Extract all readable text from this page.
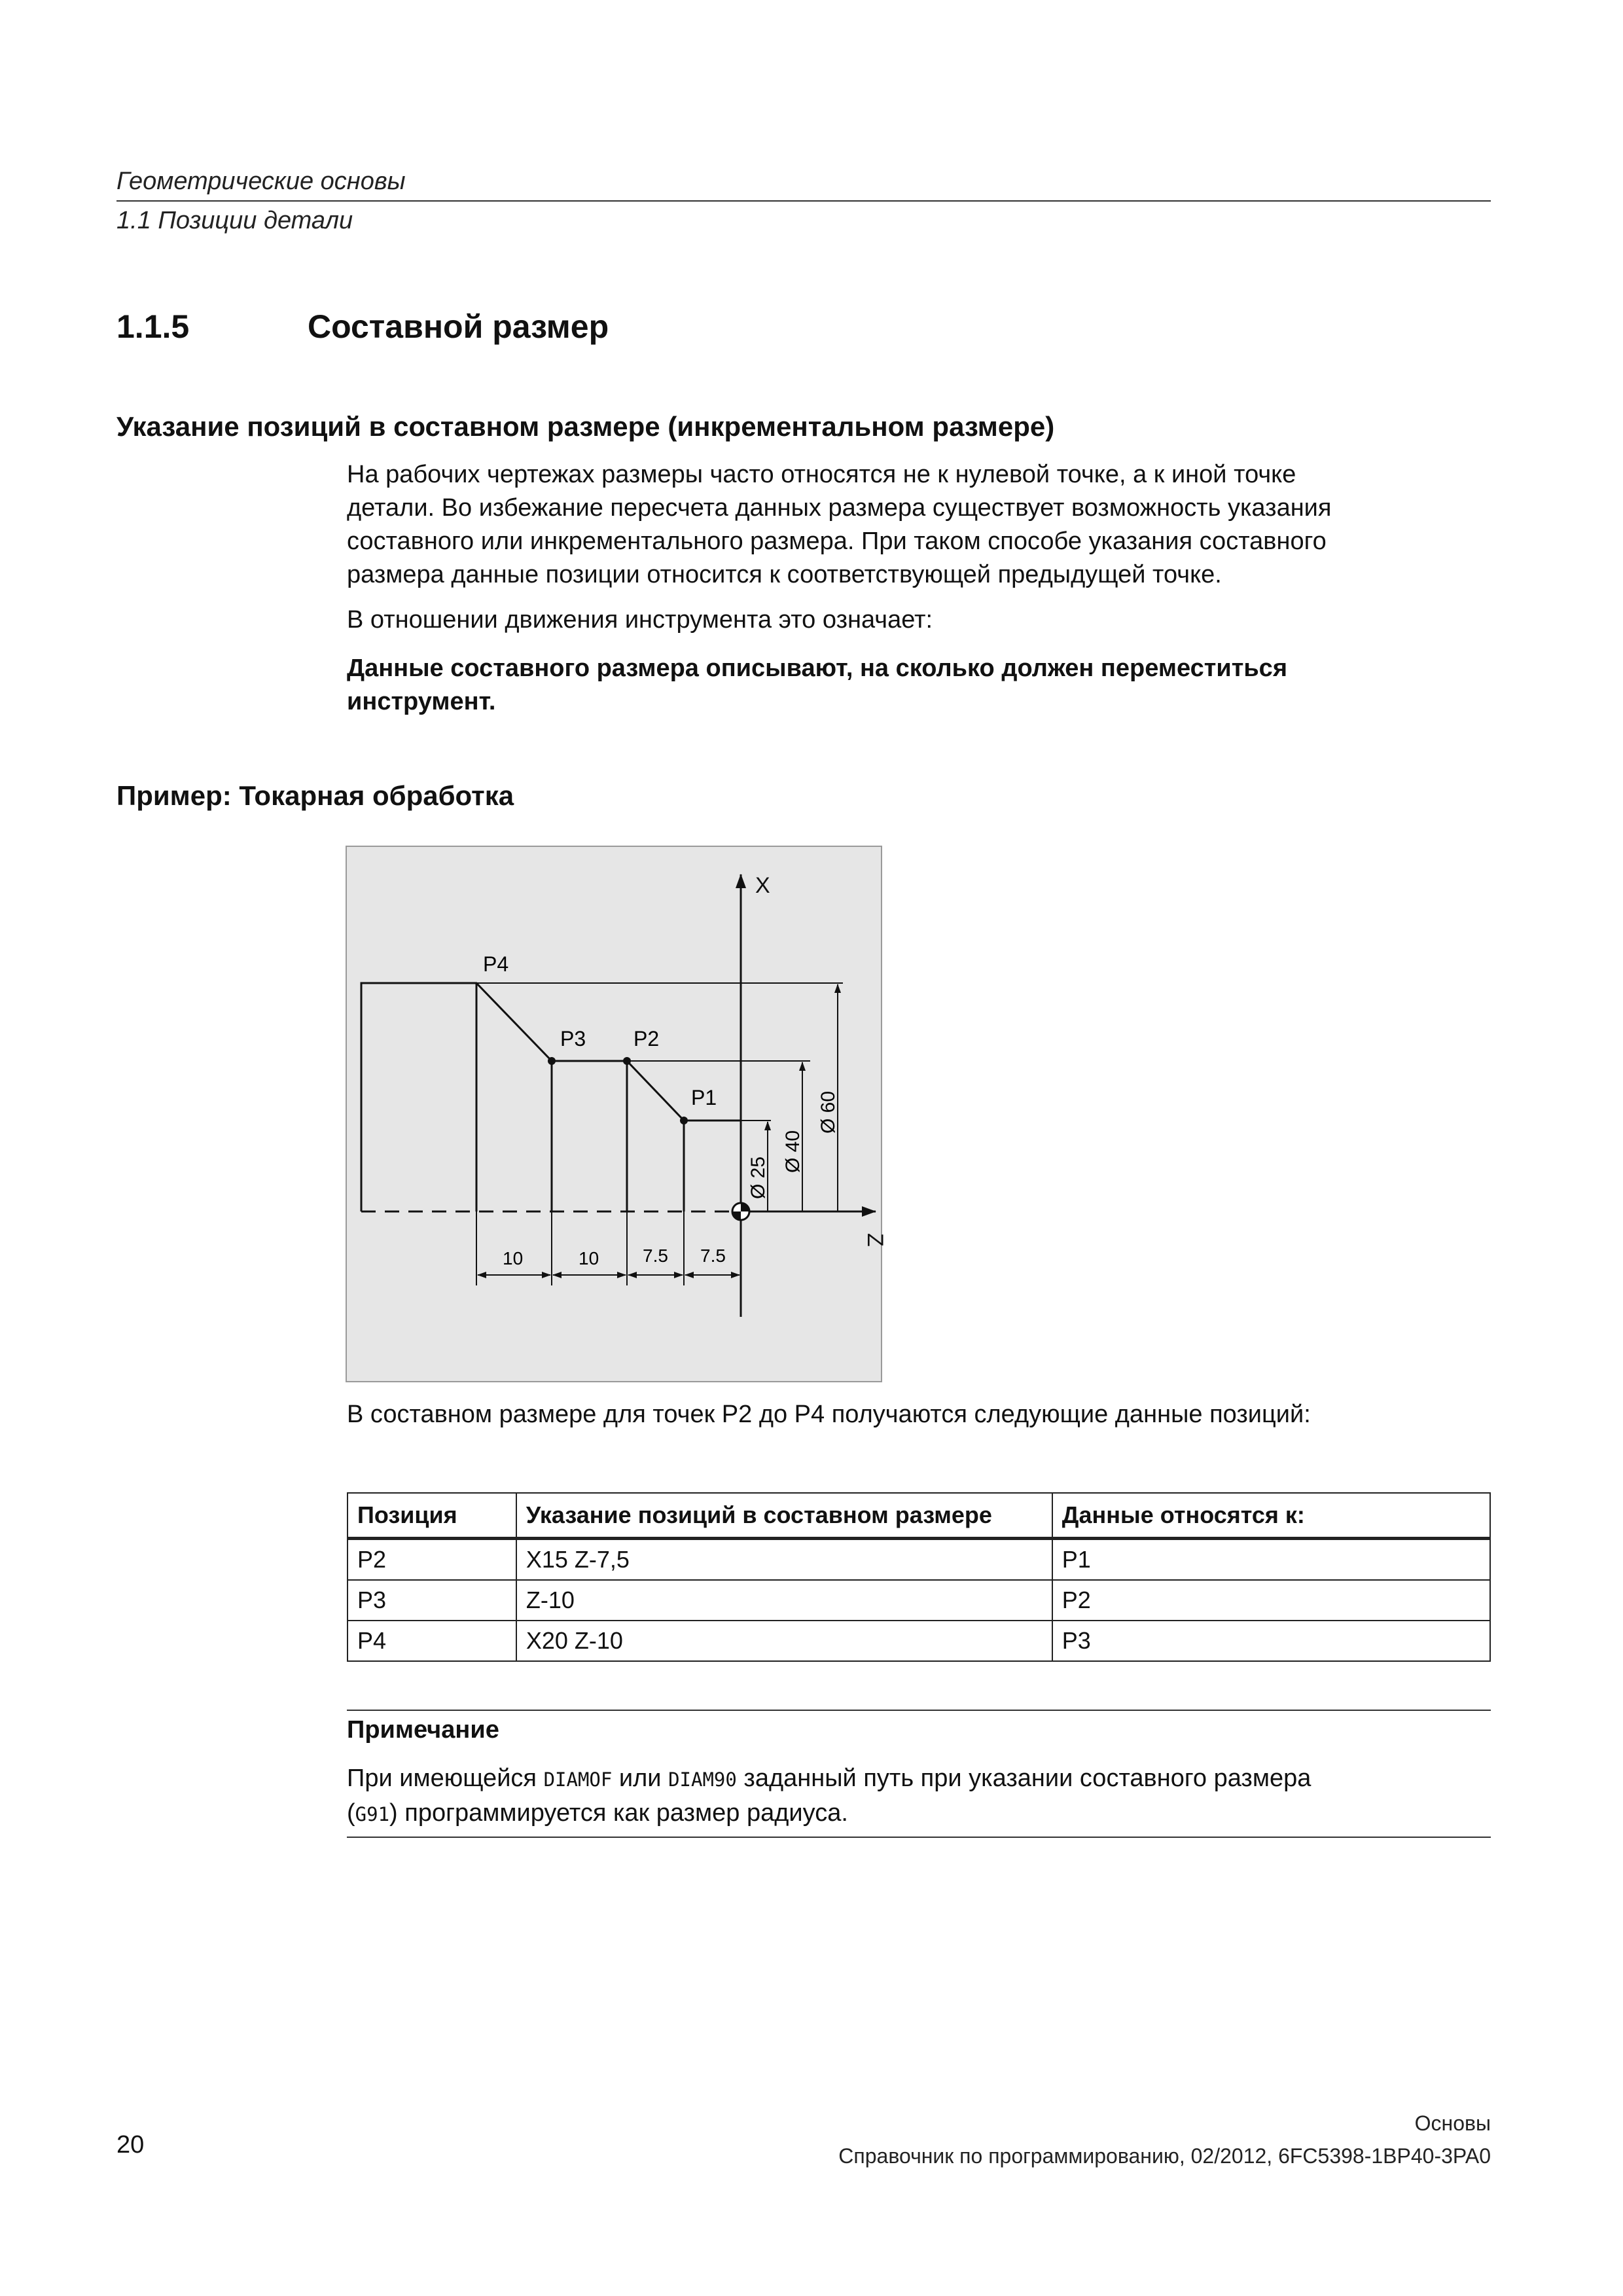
Геометрические основы
1.1 Позиции детали
1.1.5	Составной размер
Указание позиций в составном размере (инкрементальном размере)
На рабочих чертежах размеры часто относятся не к нулевой точке, а к иной точке
детали. Во избежание пересчета данных размера существует возможность указания
составного или инкрементального размера. При таком способе указания составного
размера данные позиции относится к соответствующей предыдущей точке.
В отношении движения инструмента это означает:
Данные составного размера описывают, на сколько должен переместиться
инструмент.
Пример: Токарная обработка
X
Z
P4
P3 P2
P1
Ø 25
Ø 40
Ø 60
10	10 7.5 7.5
В составном размере для точек P2 до P4 получаются следующие данные позиций:
Позиция	Указание позиций в составном размере	Данные относятся к:
P2	X15 Z-7,5	P1
P3	Z-10	P2
P4	X20 Z-10	P3
Примечание
При имеющейся DIAMOF или DIAM90 заданный путь при указании составного размера
(G91) программируется как размер радиуса.
20
Основы
Справочник по программированию, 02/2012, 6FC5398-1BP40-3PA0
